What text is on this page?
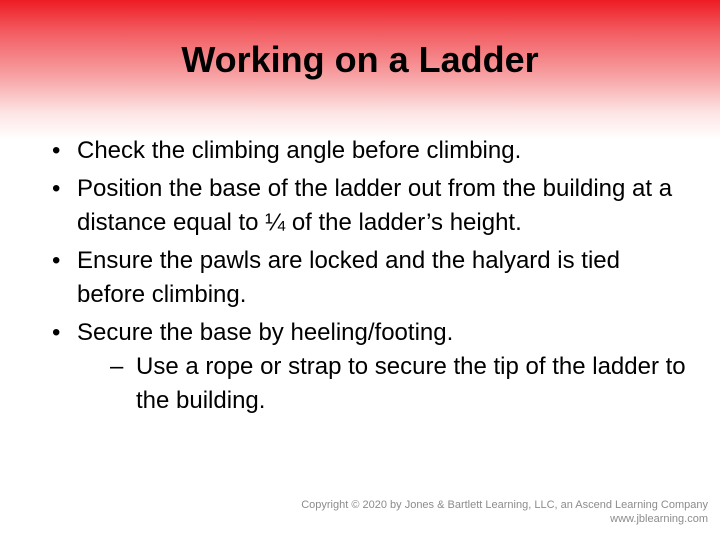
Working on a Ladder
• Check the climbing angle before climbing.
• Position the base of the ladder out from the building at a distance equal to ¼ of the ladder’s height.
• Ensure the pawls are locked and the halyard is tied before climbing.
• Secure the base by heeling/footing.
– Use a rope or strap to secure the tip of the ladder to the building.
Copyright © 2020 by Jones & Bartlett Learning, LLC, an Ascend Learning Company
www.jblearning.com
